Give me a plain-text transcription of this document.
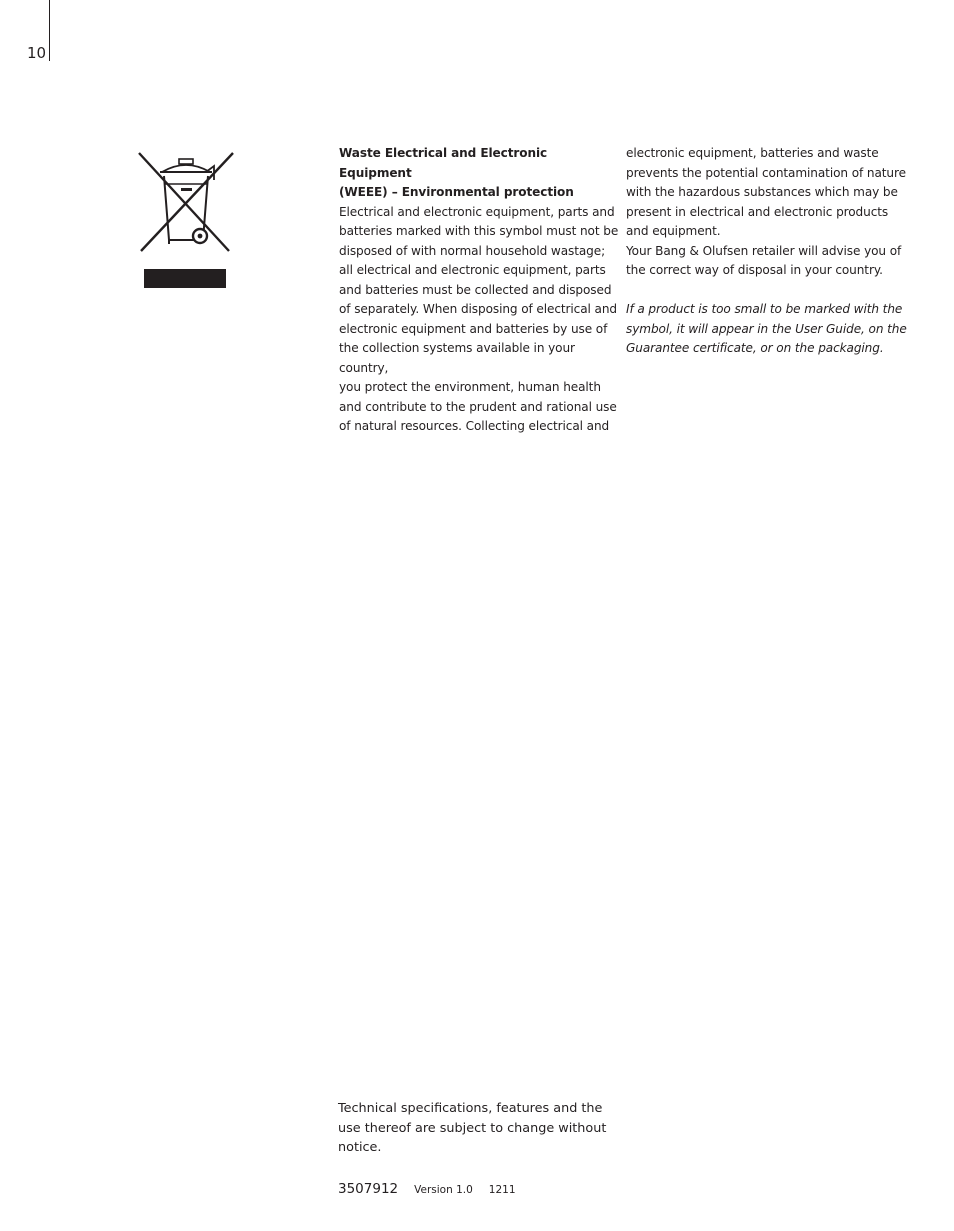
10

Waste Electrical and Electronic Equipment

(WEEE) – Environmental protection

Electrical and electronic equipment, parts and

batteries marked with this symbol must not be

disposed of with normal household wastage;

all electrical and electronic equipment, parts

and batteries must be collected and disposed

of separately. When disposing of electrical and

electronic equipment and batteries by use of

the collection systems available in your country,

you protect the environment, human health

and contribute to the prudent and rational use

of natural resources. Collecting electrical and

electronic equipment, batteries and waste

prevents the potential contamination of nature

with the hazardous substances which may be

present in electrical and electronic products

and equipment.

Your Bang & Olufsen retailer will advise you of

the correct way of disposal in your country.

If a product is too small to be marked with the

symbol, it will appear in the User Guide, on the

Guarantee certificate, or on the packaging.

Technical specifications, features and the
use thereof are subject to change without
notice.
3507912 Version 1.0 1211
